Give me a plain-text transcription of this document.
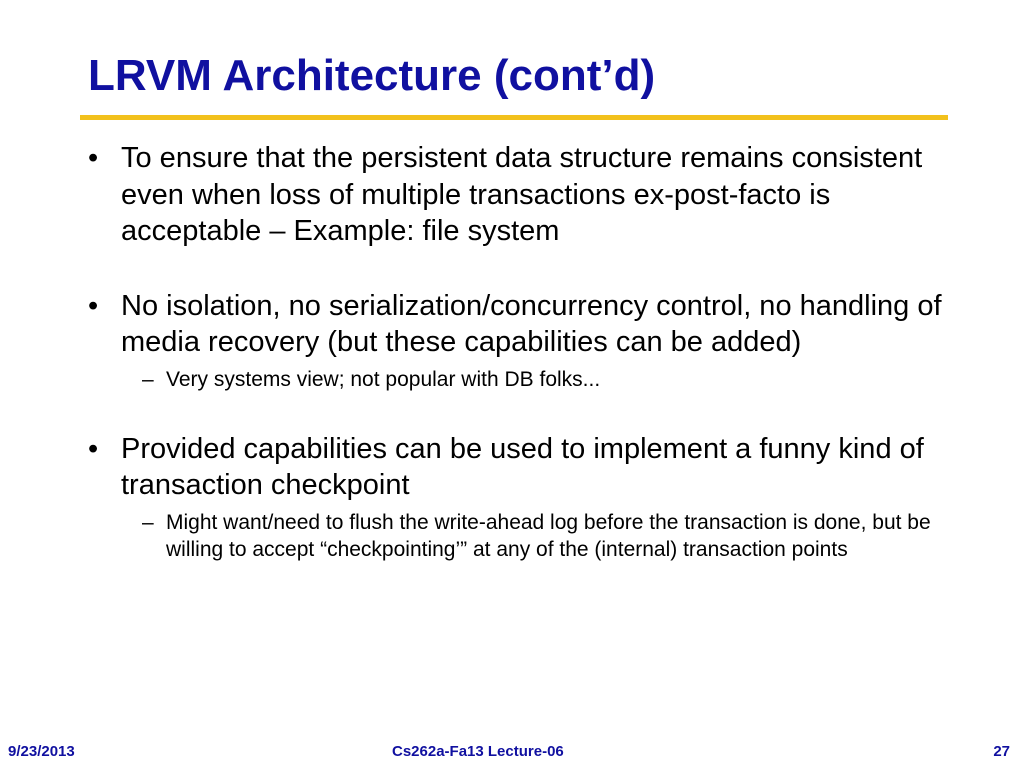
LRVM Architecture (cont’d)
• To ensure that the persistent data structure remains consistent even when loss of multiple transactions ex-post-facto is acceptable – Example: file system
• No isolation, no serialization/concurrency control, no handling of media recovery (but these capabilities can be added)
– Very systems view; not popular with DB folks...
• Provided capabilities can be used to implement a funny kind of transaction checkpoint
– Might want/need to flush the write-ahead log before the transaction is done, but be willing to accept “checkpointing’” at any of the (internal) transaction points
9/23/2013	Cs262a-Fa13 Lecture-06	27
